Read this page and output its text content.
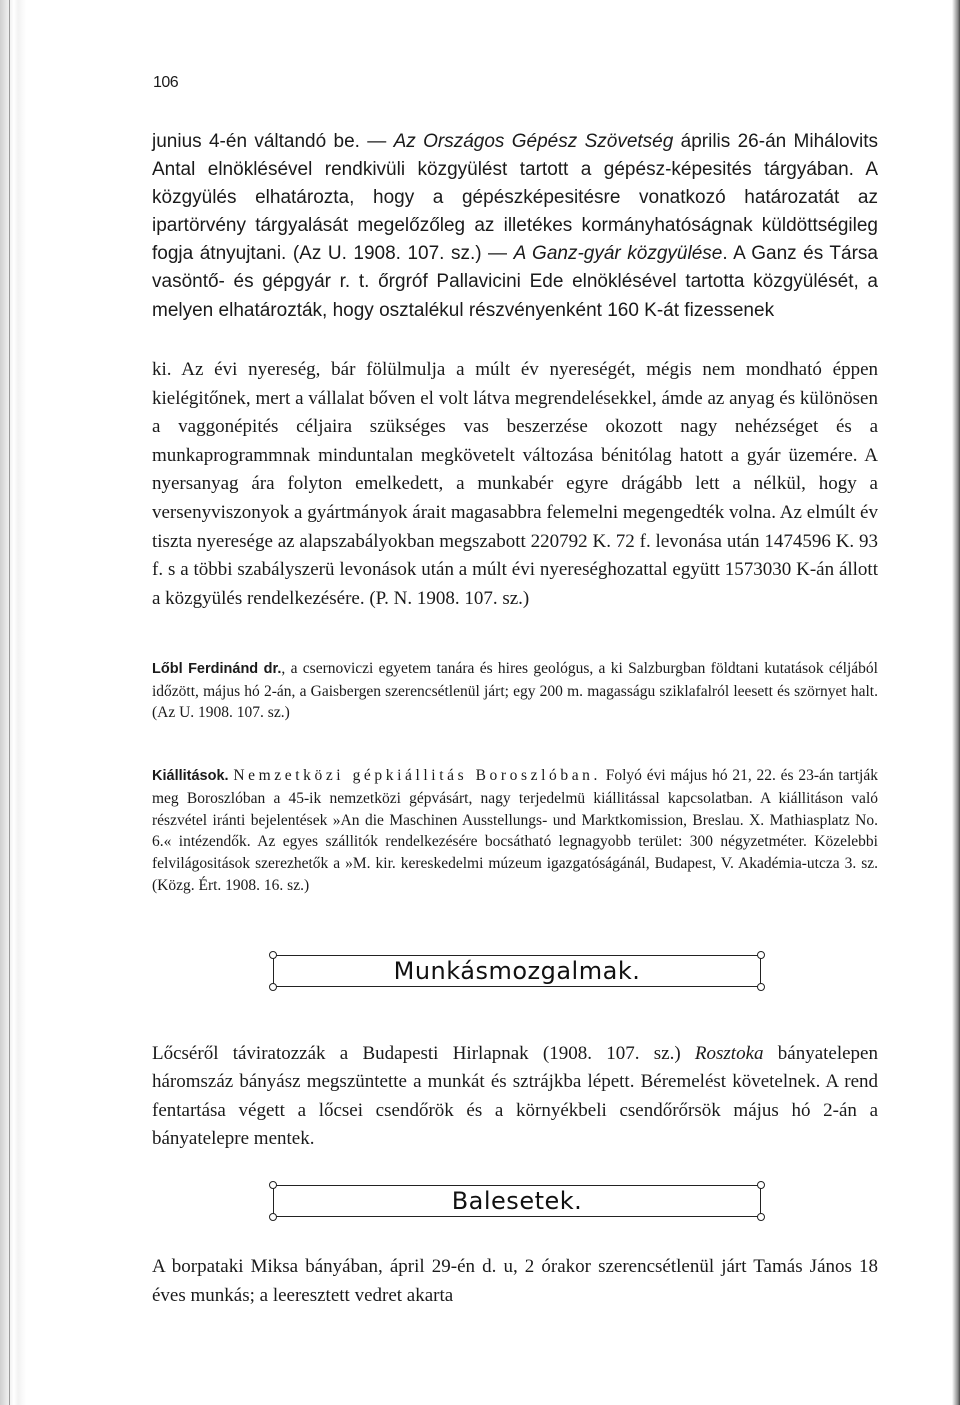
106

junius 4-én váltandó be. — Az Országos Gépész Szövetség április 26-án Mihálovits Antal elnöklésével rendkivüli közgyülést tartott a gépész-képesités tárgyában. A közgyülés elhatározta, hogy a gépészképesitésre vonatkozó határozatát az ipartörvény tárgyalását megelőzőleg az illetékes kormányhatóságnak küldöttségileg fogja átnyujtani. (Az U. 1908. 107. sz.) — A Ganz-gyár közgyülése. A Ganz és Társa vasöntő- és gépgyár r. t. őrgróf Pallavicini Ede elnöklésével tartotta közgyülését, a melyen elhatározták, hogy osztalékul részvényenként 160 K-át fizessenek

ki. Az évi nyereség, bár fölülmulja a múlt év nyereségét, mégis nem mondható éppen kielégitőnek, mert a vállalat bőven el volt látva megrendelésekkel, ámde az anyag és különösen a vaggonépités céljaira szükséges vas beszerzése okozott nagy nehézséget és a munkaprogrammnak minduntalan megkövetelt változása bénitólag hatott a gyár üzemére. A nyersanyag ára folyton emelkedett, a munkabér egyre drágább lett a nélkül, hogy a versenyviszonyok a gyártmányok árait magasabbra felemelni megengedték volna. Az elmúlt év tiszta nyeresége az alapszabályokban megszabott 220792 K. 72 f. levonása után 1474596 K. 93 f. s a többi szabályszerü levonások után a múlt évi nyereséghozattal együtt 1573030 K-án állott a közgyülés rendelkezésére. (P. N. 1908. 107. sz.)

Lőbl Ferdinánd dr., a csernoviczi egyetem tanára és hires geológus, a ki Salzburgban földtani kutatások céljából időzött, május hó 2-án, a Gaisbergen szerencsétlenül járt; egy 200 m. magasságu sziklafalról leesett és szörnyet halt. (Az U. 1908. 107. sz.)

Kiállitások. Nemzetközi gépkiállitás Boroszlóban. Folyó évi május hó 21, 22. és 23-án tartják meg Boroszlóban a 45-ik nemzetközi gépvásárt, nagy terjedelmü kiállitással kapcsolatban. A kiállitáson való részvétel iránti bejelentések »An die Maschinen Ausstellungs- und Marktkomission, Breslau. X. Mathiasplatz No. 6.« intézendők. Az egyes szállitók rendelkezésére bocsátható legnagyobb terület: 300 négyzetméter. Közelebbi felvilágositások szerezhetők a »M. kir. kereskedelmi múzeum igazgatóságánál, Budapest, V. Akadémia-utcza 3. sz. (Közg. Ért. 1908. 16. sz.)

Munkásmozgalmak.

Lőcséről táviratozzák a Budapesti Hirlapnak (1908. 107. sz.) Rosztoka bányatelepen háromszáz bányász megszüntette a munkát és sztrájkba lépett. Béremelést követelnek. A rend fentartása végett a lőcsei csendőrök és a környékbeli csendőrőrsök május hó 2-án a bányatelepre mentek.

Balesetek.

A borpataki Miksa bányában, ápril 29-én d. u, 2 órakor szerencsétlenül járt Tamás János 18 éves munkás; a leeresztett vedret akarta
